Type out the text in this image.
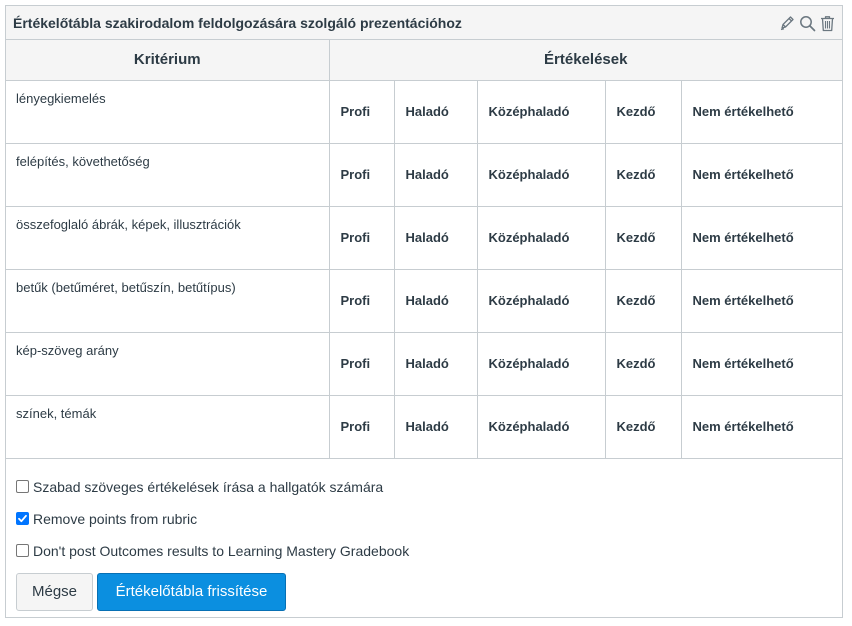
Értékelőtábla szakirodalom feldolgozására szolgáló prezentációhoz
Kritérium	Értékelések
lényegkiemelés	Profi Haladó Középhaladó Kezdő Nem értékelhető

felépítés, követhetőség	Profi Haladó Középhaladó Kezdő Nem értékelhető

összefoglaló ábrák, képek, illusztrációk	Profi Haladó Középhaladó Kezdő Nem értékelhető

betűk (betűméret, betűszín, betűtípus)	Profi Haladó Középhaladó Kezdő Nem értékelhető

kép-szöveg arány	Profi Haladó Középhaladó Kezdő Nem értékelhető

színek, témák	Profi Haladó Középhaladó Kezdő Nem értékelhető
Szabad szöveges értékelések írása a hallgatók számára
Remove points from rubric
Don't post Outcomes results to Learning Mastery Gradebook
Mégse	Értékelőtábla frissítése
